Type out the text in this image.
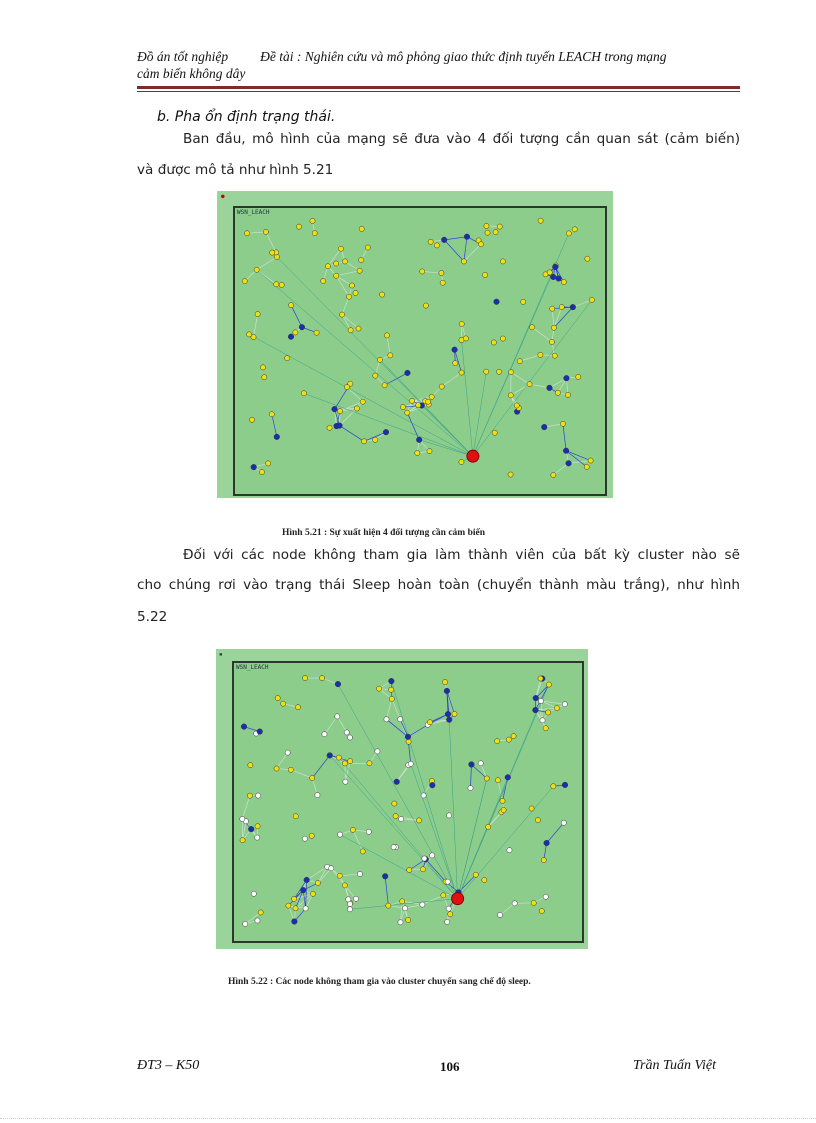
Đồ án tốt nghiệp Đề tài : Nghiên cứu và mô phỏng giao thức định tuyến LEACH trong mạng
cảm biến không dây
b. Pha ổn định trạng thái.
Ban đầu, mô hình của mạng sẽ đưa vào 4 đối tượng cần quan sát (cảm biến)
và được mô tả như hình 5.21
●
WSN_LEACH
Hình 5.21 : Sự xuất hiện 4 đối tượng cần cảm biến
Đối với các node không tham gia làm thành viên của bất kỳ cluster nào sẽ
cho chúng rơi vào trạng thái Sleep hoàn toàn (chuyển thành màu trắng), như hình
5.22
▪
WSN_LEACH
Hình 5.22 : Các node không tham gia vào cluster chuyển sang chế độ sleep.
ĐT3 – K50	106	Trần Tuấn Việt
